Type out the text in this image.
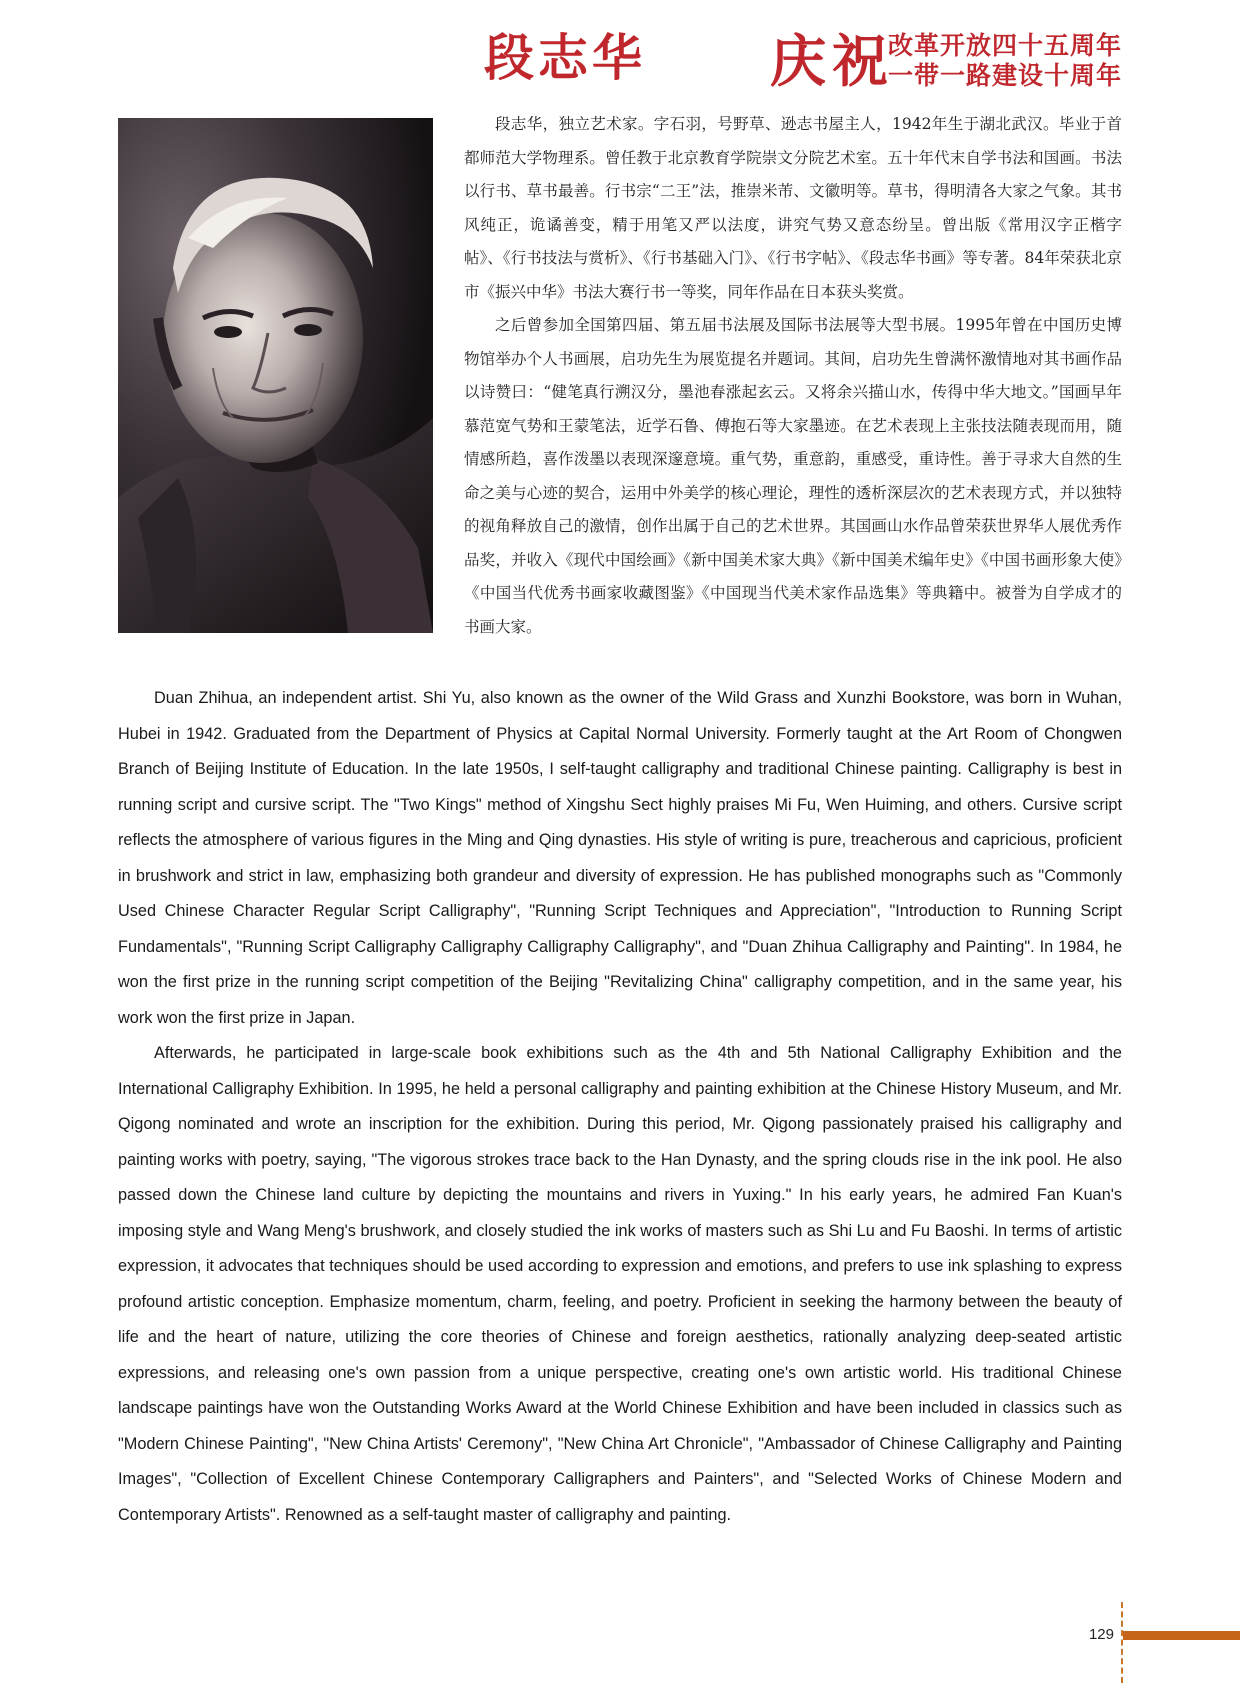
段志华 庆祝
改革开放四十五周年
一带一路建设十周年

段志华，独立艺术家。字石羽，号野草、逊志书屋主人，1942年生于湖北武汉。毕业于首都师范大学物理系。曾任教于北京教育学院崇文分院艺术室。五十年代末自学书法和国画。书法以行书、草书最善。行书宗“二王”法，推崇米芾、文徽明等。草书，得明清各大家之气象。其书风纯正，诡谲善变，精于用笔又严以法度，讲究气势又意态纷呈。曾出版《常用汉字正楷字帖》、《行书技法与赏析》、《行书基础入门》、《行书字帖》、《段志华书画》等专著。84年荣获北京市《振兴中华》书法大赛行书一等奖，同年作品在日本获头奖赏。

之后曾参加全国第四届、第五届书法展及国际书法展等大型书展。1995年曾在中国历史博物馆举办个人书画展，启功先生为展览提名并题词。其间，启功先生曾满怀激情地对其书画作品以诗赞曰：“健笔真行溯汉分，墨池春涨起玄云。又将余兴描山水，传得中华大地文。”国画早年慕范宽气势和王蒙笔法，近学石鲁、傅抱石等大家墨迹。在艺术表现上主张技法随表现而用，随情感所趋，喜作泼墨以表现深邃意境。重气势，重意韵，重感受，重诗性。善于寻求大自然的生命之美与心迹的契合，运用中外美学的核心理论，理性的透析深层次的艺术表现方式，并以独特的视角释放自己的激情，创作出属于自己的艺术世界。其国画山水作品曾荣获世界华人展优秀作品奖，并收入《现代中国绘画》《新中国美术家大典》《新中国美术编年史》《中国书画形象大使》《中国当代优秀书画家收藏图鉴》《中国现当代美术家作品选集》等典籍中。被誉为自学成才的书画大家。

Duan Zhihua, an independent artist. Shi Yu, also known as the owner of the Wild Grass and Xunzhi Bookstore, was born in Wuhan, Hubei in 1942. Graduated from the Department of Physics at Capital Normal University. Formerly taught at the Art Room of Chongwen Branch of Beijing Institute of Education. In the late 1950s, I self-taught calligraphy and traditional Chinese painting. Calligraphy is best in running script and cursive script. The "Two Kings" method of Xingshu Sect highly praises Mi Fu, Wen Huiming, and others. Cursive script reflects the atmosphere of various figures in the Ming and Qing dynasties. His style of writing is pure, treacherous and capricious, proficient in brushwork and strict in law, emphasizing both grandeur and diversity of expression. He has published monographs such as "Commonly Used Chinese Character Regular Script Calligraphy", "Running Script Techniques and Appreciation", "Introduction to Running Script Fundamentals", "Running Script Calligraphy Calligraphy Calligraphy Calligraphy", and "Duan Zhihua Calligraphy and Painting". In 1984, he won the first prize in the running script competition of the Beijing "Revitalizing China" calligraphy competition, and in the same year, his work won the first prize in Japan.

Afterwards, he participated in large-scale book exhibitions such as the 4th and 5th National Calligraphy Exhibition and the International Calligraphy Exhibition. In 1995, he held a personal calligraphy and painting exhibition at the Chinese History Museum, and Mr. Qigong nominated and wrote an inscription for the exhibition. During this period, Mr. Qigong passionately praised his calligraphy and painting works with poetry, saying, "The vigorous strokes trace back to the Han Dynasty, and the spring clouds rise in the ink pool. He also passed down the Chinese land culture by depicting the mountains and rivers in Yuxing." In his early years, he admired Fan Kuan's imposing style and Wang Meng's brushwork, and closely studied the ink works of masters such as Shi Lu and Fu Baoshi. In terms of artistic expression, it advocates that techniques should be used according to expression and emotions, and prefers to use ink splashing to express profound artistic conception. Emphasize momentum, charm, feeling, and poetry. Proficient in seeking the harmony between the beauty of life and the heart of nature, utilizing the core theories of Chinese and foreign aesthetics, rationally analyzing deep-seated artistic expressions, and releasing one's own passion from a unique perspective, creating one's own artistic world. His traditional Chinese landscape paintings have won the Outstanding Works Award at the World Chinese Exhibition and have been included in classics such as "Modern Chinese Painting", "New China Artists' Ceremony", "New China Art Chronicle", "Ambassador of Chinese Calligraphy and Painting Images", "Collection of Excellent Chinese Contemporary Calligraphers and Painters", and "Selected Works of Chinese Modern and Contemporary Artists". Renowned as a self-taught master of calligraphy and painting.

129
